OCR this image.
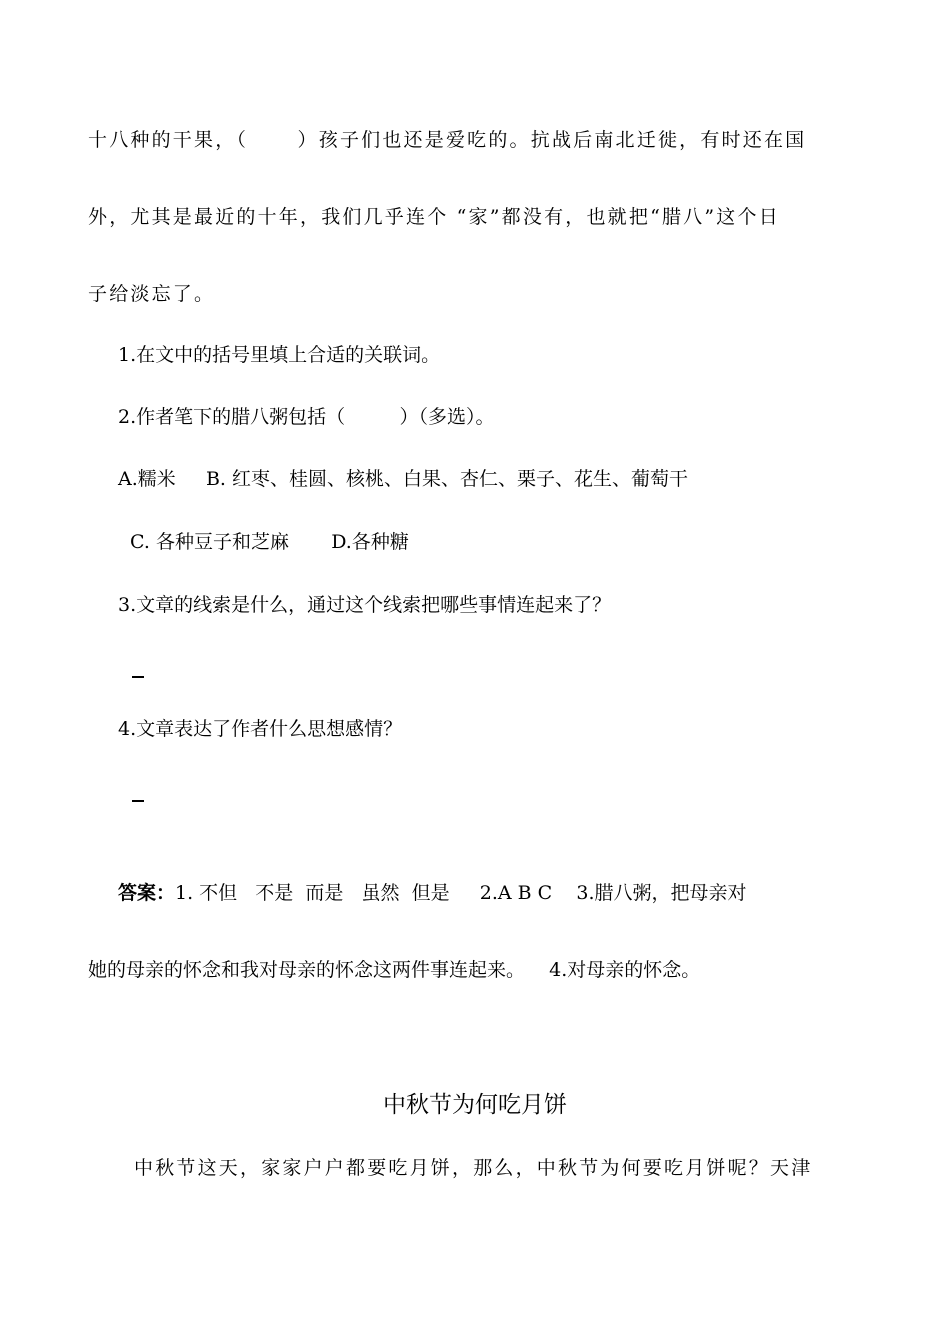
十八种的干果，（      ）孩子们也还是爱吃的。抗战后南北迁徙，有时还在国
外，尤其是最近的十年，我们几乎连个 “家”都没有，也就把“腊八”这个日
子给淡忘了。
1.在文中的括号里填上合适的关联词。
2.作者笔下的腊八粥包括（         ）（多选）。
A.糯米     B. 红枣、桂圆、核桃、白果、杏仁、栗子、花生、葡萄干
C. 各种豆子和芝麻       D.各种糖
3.文章的线索是什么，通过这个线索把哪些事情连起来了？
4.文章表达了作者什么思想感情？
答案：1. 不但   不是  而是   虽然  但是     2.A B C    3.腊八粥，把母亲对
她的母亲的怀念和我对母亲的怀念这两件事连起来。    4.对母亲的怀念。
中秋节为何吃月饼
中秋节这天，家家户户都要吃月饼，那么，中秋节为何要吃月饼呢？天津
